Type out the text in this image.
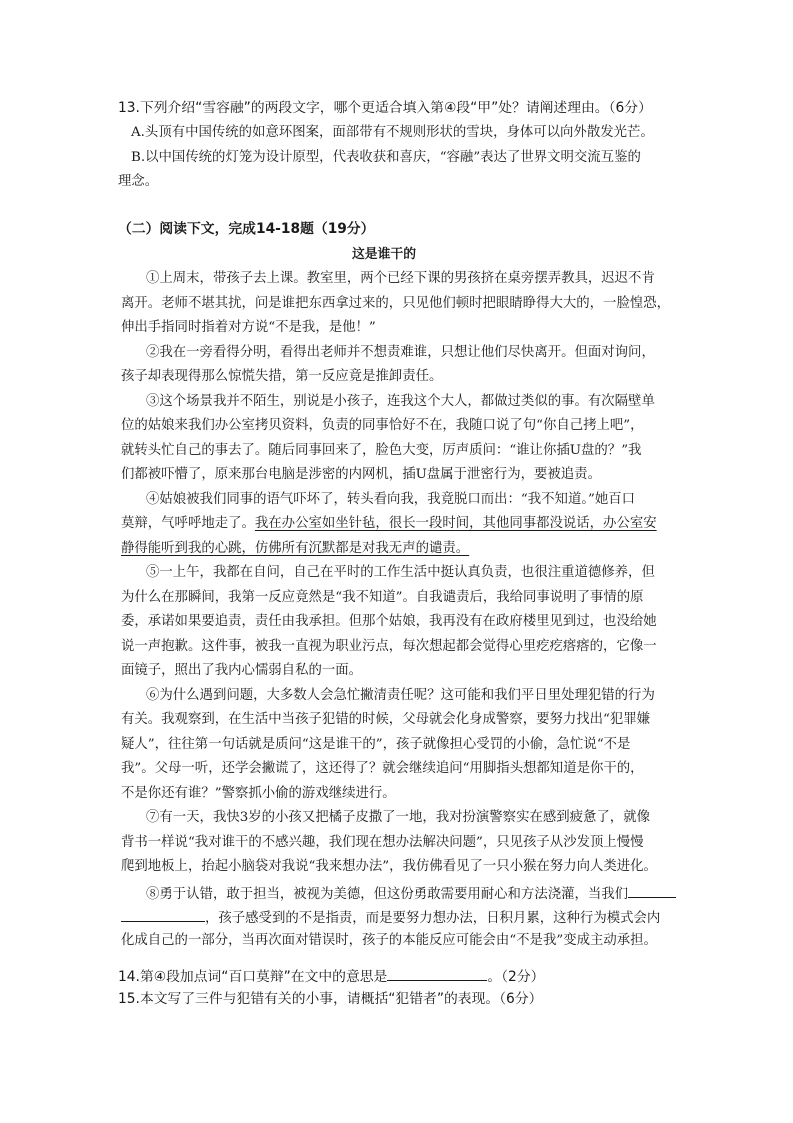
13.下列介绍“雪容融”的两段文字，哪个更适合填入第④段“甲”处？请阐述理由。（6分）
A.头顶有中国传统的如意环图案，面部带有不规则形状的雪块，身体可以向外散发光芒。
B.以中国传统的灯笼为设计原型，代表收获和喜庆，“容融”表达了世界文明交流互鉴的
理念。
（二）阅读下文，完成14-18题（19分）
这是谁干的
①上周末，带孩子去上课。教室里，两个已经下课的男孩挤在桌旁摆弄教具，迟迟不肯
离开。老师不堪其扰，问是谁把东西拿过来的，只见他们顿时把眼睛睁得大大的，一脸惶恐，
伸出手指同时指着对方说“不是我，是他！”
②我在一旁看得分明，看得出老师并不想责难谁，只想让他们尽快离开。但面对询问，
孩子却表现得那么惊慌失措，第一反应竟是推卸责任。
③这个场景我并不陌生，别说是小孩子，连我这个大人，都做过类似的事。有次隔壁单
位的姑娘来我们办公室拷贝资料，负责的同事恰好不在，我随口说了句“你自己拷上吧”，
就转头忙自己的事去了。随后同事回来了，脸色大变，厉声质问：“谁让你插U盘的？”我
们都被吓懵了，原来那台电脑是涉密的内网机，插U盘属于泄密行为，要被追责。
④姑娘被我们同事的语气吓坏了，转头看向我，我竟脱口而出：“我不知道。”她百口
莫辩，气呼呼地走了。我在办公室如坐针毡，很长一段时间，其他同事都没说话，办公室安
静得能听到我的心跳，仿佛所有沉默都是对我无声的谴责。
⑤一上午，我都在自问，自己在平时的工作生活中挺认真负责，也很注重道德修养，但
为什么在那瞬间，我第一反应竟然是“我不知道”。自我谴责后，我给同事说明了事情的原
委，承诺如果要追责，责任由我承担。但那个姑娘，我再没有在政府楼里见到过，也没给她
说一声抱歉。这件事，被我一直视为职业污点，每次想起都会觉得心里疙疙瘩瘩的，它像一
面镜子，照出了我内心懦弱自私的一面。
⑥为什么遇到问题，大多数人会急忙撇清责任呢？这可能和我们平日里处理犯错的行为
有关。我观察到，在生活中当孩子犯错的时候，父母就会化身成警察，要努力找出“犯罪嫌
疑人”，往往第一句话就是质问“这是谁干的”，孩子就像担心受罚的小偷，急忙说“不是
我”。父母一听，还学会撇谎了，这还得了？就会继续追问“用脚指头想都知道是你干的，
不是你还有谁？”警察抓小偷的游戏继续进行。
⑦有一天，我快3岁的小孩又把橘子皮撒了一地，我对扮演警察实在感到疲惫了，就像
背书一样说“我对谁干的不感兴趣，我们现在想办法解决问题”，只见孩子从沙发顶上慢慢
爬到地板上，抬起小脑袋对我说“我来想办法”，我仿佛看见了一只小猴在努力向人类进化。
⑧勇于认错，敢于担当，被视为美德，但这份勇敢需要用耐心和方法浇灌，当我们
，孩子感受到的不是指责，而是要努力想办法，日积月累，这种行为模式会内
化成自己的一部分，当再次面对错误时，孩子的本能反应可能会由“不是我”变成主动承担。
14.第④段加点词“百口莫辩”在文中的意思是	。（2分）
15.本文写了三件与犯错有关的小事，请概括“犯错者”的表现。（6分）
